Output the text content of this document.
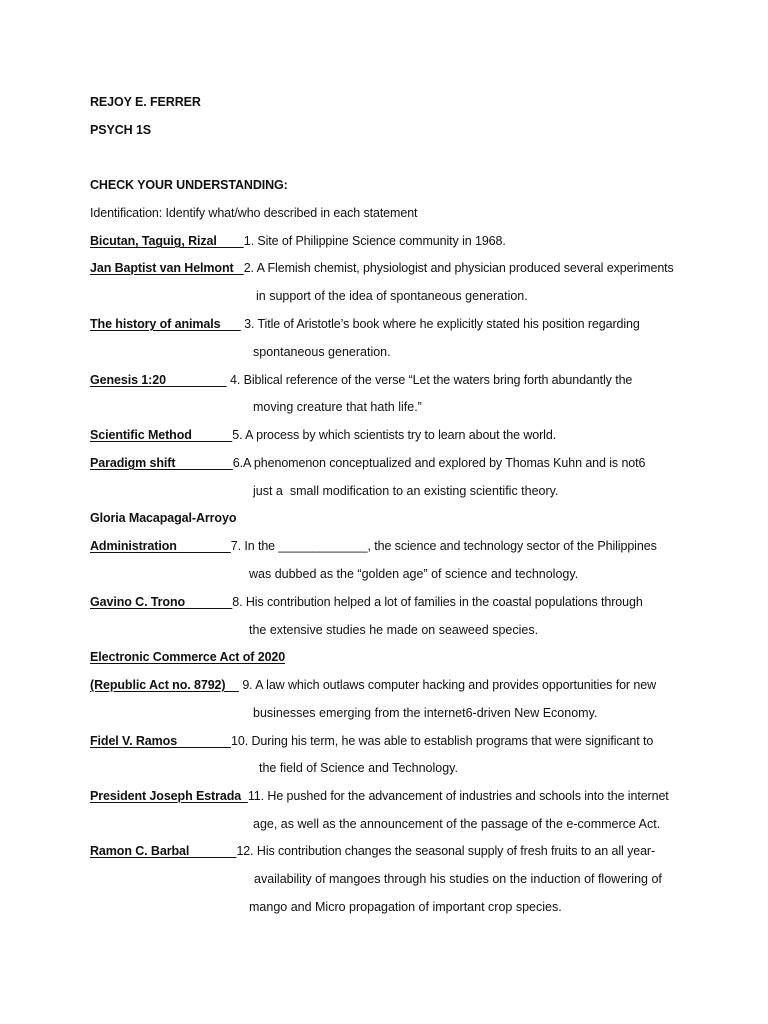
REJOY E. FERRER
PSYCH 1S
CHECK YOUR UNDERSTANDING:
Identification: Identify what/who described in each statement
Bicutan, Taguig, Rizal        1. Site of Philippine Science community in 1968.
Jan Baptist van Helmont   2. A Flemish chemist, physiologist and physician produced several experiments
in support of the idea of spontaneous generation.
The history of animals       3. Title of Aristotle’s book where he explicitly stated his position regarding
spontaneous generation.
Genesis 1:20                   4. Biblical reference of the verse “Let the waters bring forth abundantly the
moving creature that hath life.”
Scientific Method            5. A process by which scientists try to learn about the world.
Paradigm shift                 6.A phenomenon conceptualized and explored by Thomas Kuhn and is not6
just a  small modification to an existing scientific theory.
Gloria Macapagal-Arroyo
Administration                7. In the _____________, the science and technology sector of the Philippines
was dubbed as the “golden age” of science and technology.
Gavino C. Trono              8. His contribution helped a lot of families in the coastal populations through
the extensive studies he made on seaweed species.
Electronic Commerce Act of 2020
(Republic Act no. 8792)     9. A law which outlaws computer hacking and provides opportunities for new
businesses emerging from the internet6-driven New Economy.
Fidel V. Ramos                10. During his term, he was able to establish programs that were significant to
the field of Science and Technology.
President Joseph Estrada  11. He pushed for the advancement of industries and schools into the internet
age, as well as the announcement of the passage of the e-commerce Act.
Ramon C. Barbal              12. His contribution changes the seasonal supply of fresh fruits to an all year-
availability of mangoes through his studies on the induction of flowering of
mango and Micro propagation of important crop species.
